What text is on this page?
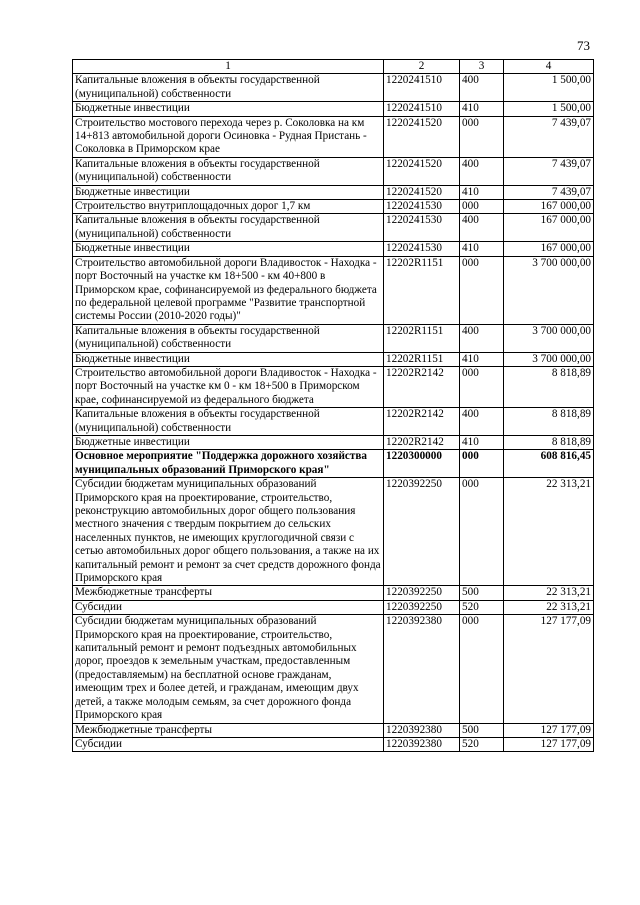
73
1	2	3	4
Капитальные вложения в объекты государственной (муниципальной) собственности	1220241510	400	1 500,00
Бюджетные инвестиции	1220241510	410	1 500,00
Строительство мостового перехода через р. Соколовка на км 14+813 автомобильной дороги Осиновка - Рудная Пристань - Соколовка в Приморском крае	1220241520	000	7 439,07
Капитальные вложения в объекты государственной (муниципальной) собственности	1220241520	400	7 439,07
Бюджетные инвестиции	1220241520	410	7 439,07
Строительство внутриплощадочных дорог 1,7 км	1220241530	000	167 000,00
Капитальные вложения в объекты государственной (муниципальной) собственности	1220241530	400	167 000,00
Бюджетные инвестиции	1220241530	410	167 000,00
Строительство автомобильной дороги Владивосток - Находка - порт Восточный на участке км 18+500 - км 40+800 в Приморском крае, софинансируемой из федерального бюджета по федеральной целевой программе "Развитие транспортной системы России (2010-2020 годы)"	12202R1151	000	3 700 000,00
Капитальные вложения в объекты государственной (муниципальной) собственности	12202R1151	400	3 700 000,00
Бюджетные инвестиции	12202R1151	410	3 700 000,00
Строительство автомобильной дороги Владивосток - Находка - порт Восточный на участке км 0 - км 18+500 в Приморском крае, софинансируемой из федерального бюджета	12202R2142	000	8 818,89
Капитальные вложения в объекты государственной (муниципальной) собственности	12202R2142	400	8 818,89
Бюджетные инвестиции	12202R2142	410	8 818,89
Основное мероприятие "Поддержка дорожного хозяйства муниципальных образований Приморского края"	1220300000	000	608 816,45
Субсидии бюджетам муниципальных образований Приморского края на проектирование, строительство, реконструкцию автомобильных дорог общего пользования местного значения с твердым покрытием до сельских населенных пунктов, не имеющих круглогодичной связи с сетью автомобильных дорог общего пользования, а также на их капитальный ремонт и ремонт за счет средств дорожного фонда Приморского края	1220392250	000	22 313,21
Межбюджетные трансферты	1220392250	500	22 313,21
Субсидии	1220392250	520	22 313,21
Субсидии бюджетам муниципальных образований Приморского края на проектирование, строительство, капитальный ремонт и ремонт подъездных автомобильных дорог, проездов к земельным участкам, предоставленным (предоставляемым) на бесплатной основе гражданам, имеющим трех и более детей, и гражданам, имеющим двух детей, а также молодым семьям, за счет дорожного фонда Приморского края	1220392380	000	127 177,09
Межбюджетные трансферты	1220392380	500	127 177,09
Субсидии	1220392380	520	127 177,09
